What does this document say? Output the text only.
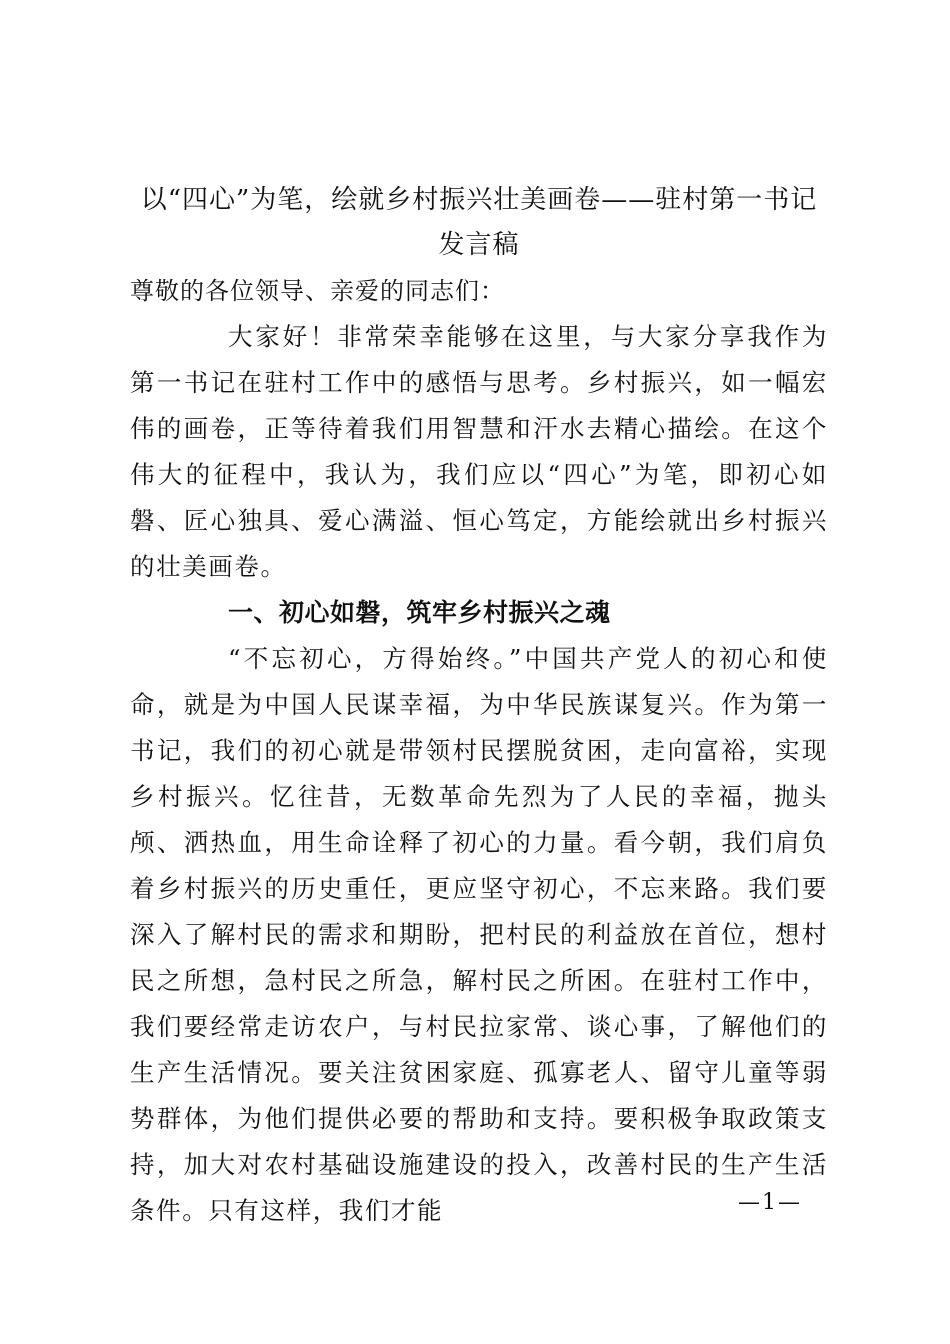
以“四心”为笔，绘就乡村振兴壮美画卷——驻村第一书记发言稿
尊敬的各位领导、亲爱的同志们：

大家好！非常荣幸能够在这里，与大家分享我作为第一书记在驻村工作中的感悟与思考。乡村振兴，如一幅宏伟的画卷，正等待着我们用智慧和汗水去精心描绘。在这个伟大的征程中，我认为，我们应以“四心”为笔，即初心如磐、匠心独具、爱心满溢、恒心笃定，方能绘就出乡村振兴的壮美画卷。

一、初心如磐，筑牢乡村振兴之魂

“不忘初心，方得始终。”中国共产党人的初心和使命，就是为中国人民谋幸福，为中华民族谋复兴。作为第一书记，我们的初心就是带领村民摆脱贫困，走向富裕，实现乡村振兴。忆往昔，无数革命先烈为了人民的幸福，抛头颅、洒热血，用生命诠释了初心的力量。看今朝，我们肩负着乡村振兴的历史重任，更应坚守初心，不忘来路。我们要深入了解村民的需求和期盼，把村民的利益放在首位，想村民之所想，急村民之所急，解村民之所困。在驻村工作中，我们要经常走访农户，与村民拉家常、谈心事，了解他们的生产生活情况。要关注贫困家庭、孤寡老人、留守儿童等弱势群体，为他们提供必要的帮助和支持。要积极争取政策支持，加大对农村基础设施建设的投入，改善村民的生产生活条件。只有这样，我们才能	—1—
